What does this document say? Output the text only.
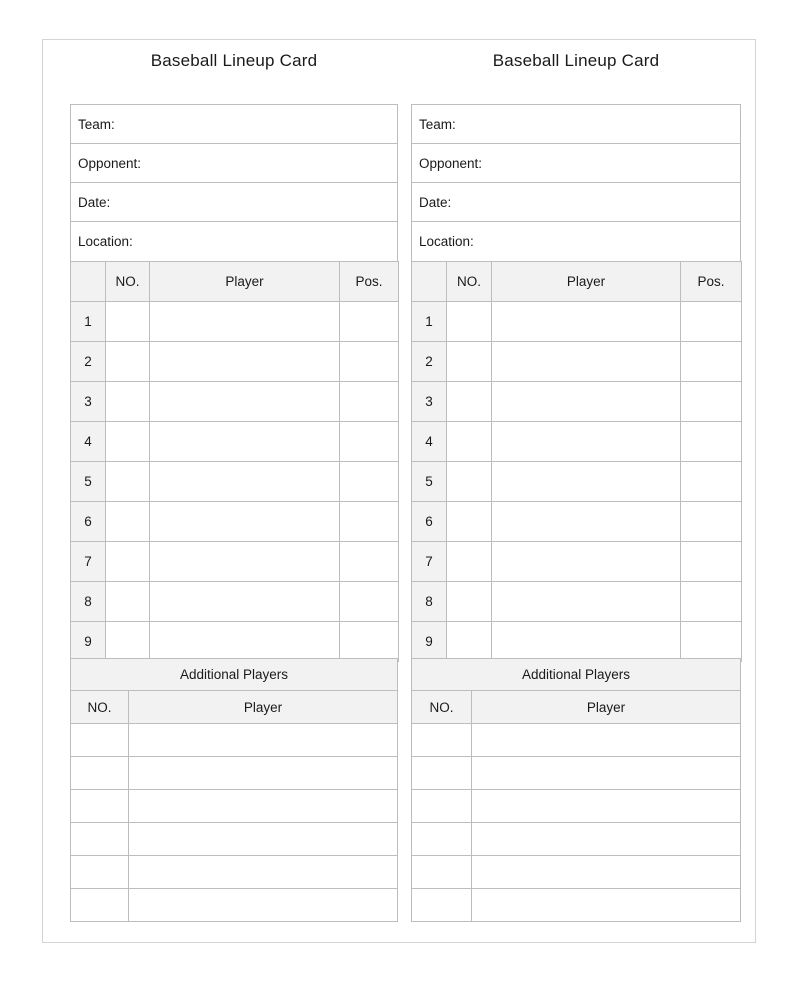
Baseball Lineup Card
Team:
Opponent:
Date:
Location:
	NO.	Player	Pos.
1			
2			
3			
4			
5			
6			
7			
8			
9			
Additional Players	
NO.	Player

Baseball Lineup Card
Team:
Opponent:
Date:
Location:
	NO.	Player	Pos.
1			
2			
3			
4			
5			
6			
7			
8			
9			
Additional Players	
NO.	Player
